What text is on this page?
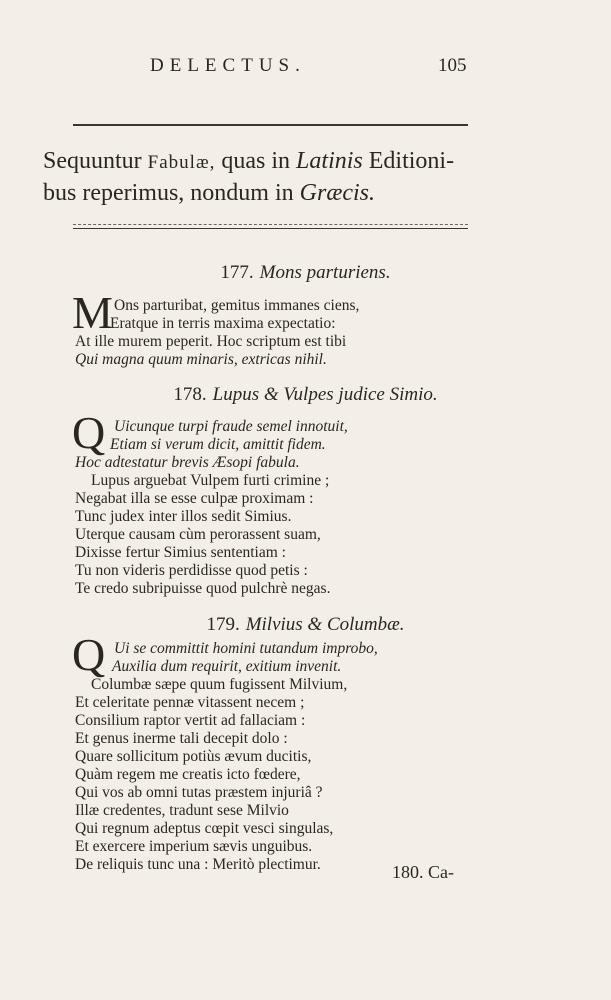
DELECTUS.	105
Sequuntur Fabulæ, quas in Latinis Editioni-
bus reperimus, nondum in Græcis.
177. Mons parturiens.
M Ons parturibat, gemitus immanes ciens,
Eratque in terris maxima expectatio:
At ille murem peperit. Hoc scriptum est tibi
Qui magna quum minaris, extricas nihil.
178. Lupus & Vulpes judice Simio.
Q Uicunque turpi fraude semel innotuit,
Etiam si verum dicit, amittit fidem.
Hoc adtestatur brevis Æsopi fabula.
Lupus arguebat Vulpem furti crimine ;
Negabat illa se esse culpæ proximam :
Tunc judex inter illos sedit Simius.
Uterque causam cùm perorassent suam,
Dixisse fertur Simius sententiam :
Tu non videris perdidisse quod petis :
Te credo subripuisse quod pulchrè negas.
179. Milvius & Columbæ.
Q Ui se committit homini tutandum improbo,
Auxilia dum requirit, exitium invenit.
Columbæ sæpe quum fugissent Milvium,
Et celeritate pennæ vitassent necem ;
Consilium raptor vertit ad fallaciam :
Et genus inerme tali decepit dolo :
Quare sollicitum potiùs ævum ducitis,
Quàm regem me creatis icto fœdere,
Qui vos ab omni tutas præstem injuriâ ?
Illæ credentes, tradunt sese Milvio
Qui regnum adeptus cœpit vesci singulas,
Et exercere imperium sævis unguibus.
De reliquis tunc una : Meritò plectimur.	180. Ca-
